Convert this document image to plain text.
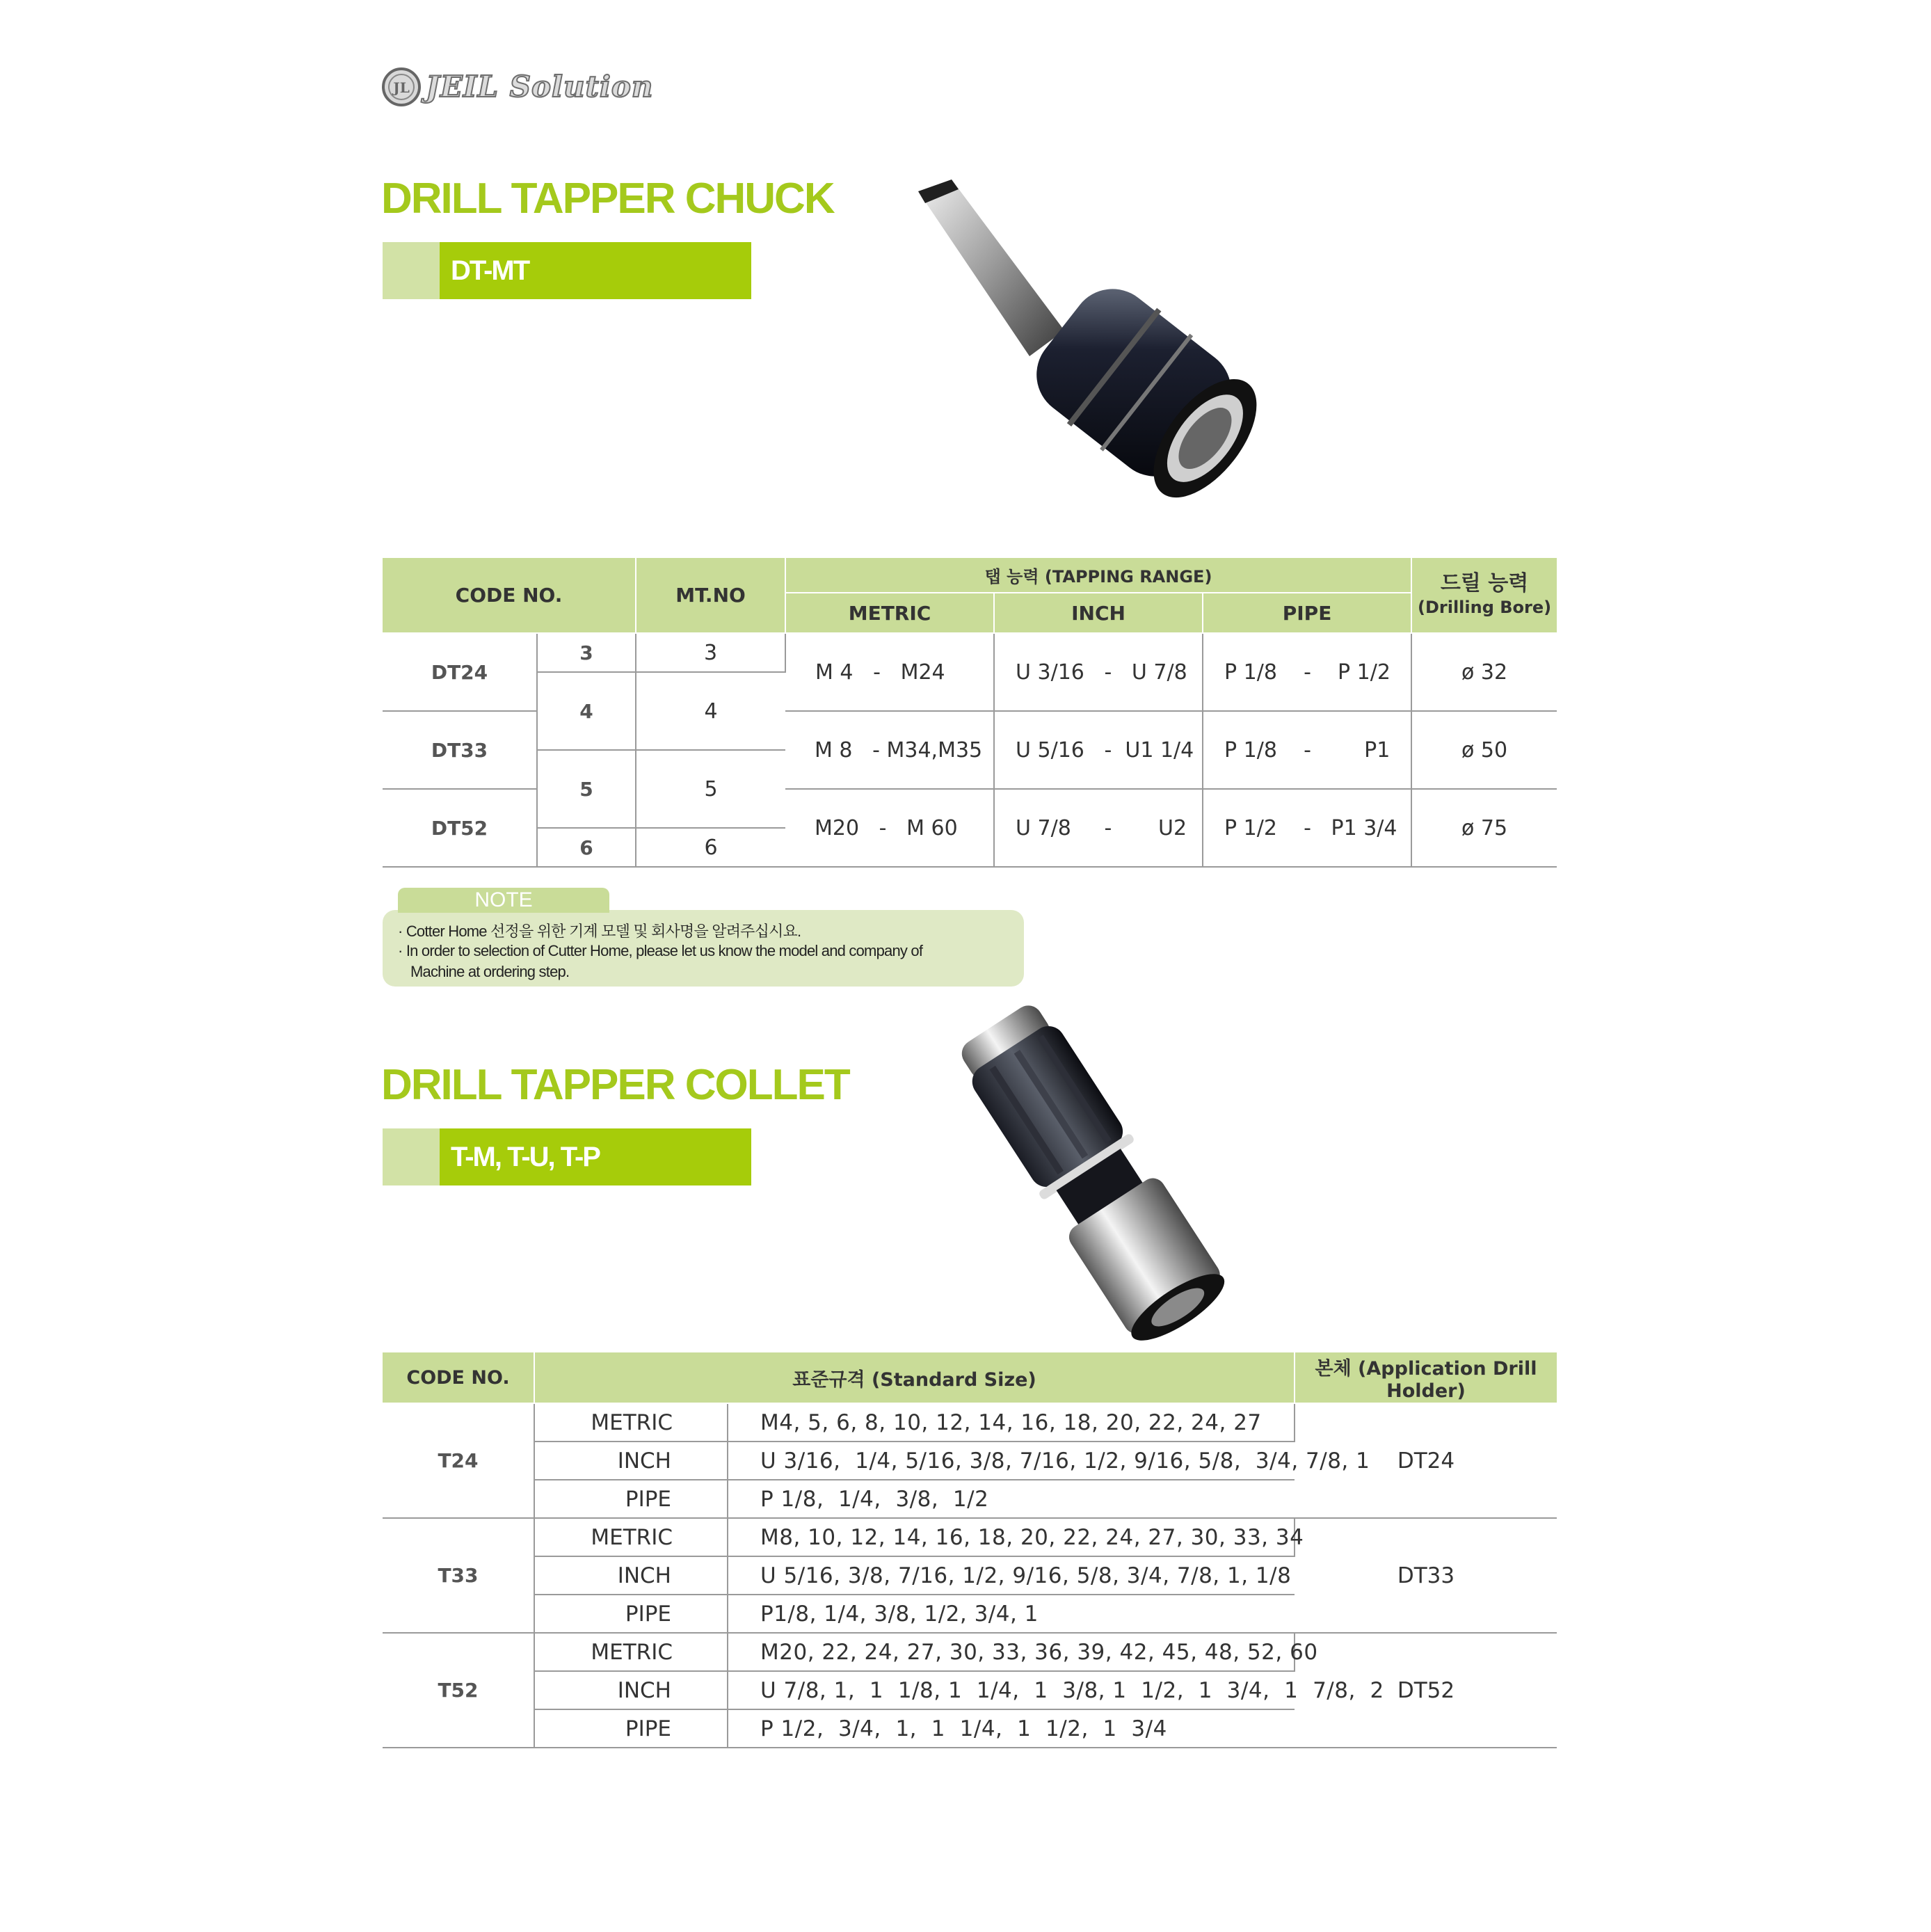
JL JEIL Solution
DRILL TAPPER CHUCK
DT-MT
CODE NO.		MT.NO	탭 능력 (TAPPING RANGE)			드릴 능력
(Drilling Bore)

			METRIC	INCH	PIPE	
DT24	3	3	M 4   -   M24	U 3/16   -   U 7/8	P 1/8    -    P 1/2	ø 32
	4	4				
DT33			M 8   - M34,M35	U 5/16   -  U1 1/4	P 1/8    -        P1	ø 50
	5	5				
DT52			M20   -   M 60	U 7/8     -       U2	P 1/2    -   P1 3/4	ø 75
	6	6				
NOTE
· Cotter Home 선정을 위한 기계 모델 및 회사명을 알려주십시요.
· In order to selection of Cutter Home, please let us know the model and company of
Machine at ordering step.
DRILL TAPPER COLLET
T-M, T-U, T-P
CODE NO.	표준규격 (Standard Size)		본체 (Application Drill Holder)
T24	METRIC	M4, 5, 6, 8, 10, 12, 14, 16, 18, 20, 22, 24, 27	DT24
	INCH	U 3/16,  1/4, 5/16, 3/8, 7/16, 1/2, 9/16, 5/8,  3/4, 7/8, 1	
	PIPE	P 1/8,  1/4,  3/8,  1/2	
T33	METRIC	M8, 10, 12, 14, 16, 18, 20, 22, 24, 27, 30, 33, 34	DT33
	INCH	U 5/16, 3/8, 7/16, 1/2, 9/16, 5/8, 3/4, 7/8, 1, 1/8	
	PIPE	P1/8, 1/4, 3/8, 1/2, 3/4, 1	
T52	METRIC	M20, 22, 24, 27, 30, 33, 36, 39, 42, 45, 48, 52, 60	DT52
	INCH	U 7/8, 1,  1  1/8, 1  1/4,  1  3/8, 1  1/2,  1  3/4,  1  7/8,  2	
	PIPE	P 1/2,  3/4,  1,  1  1/4,  1  1/2,  1  3/4	
